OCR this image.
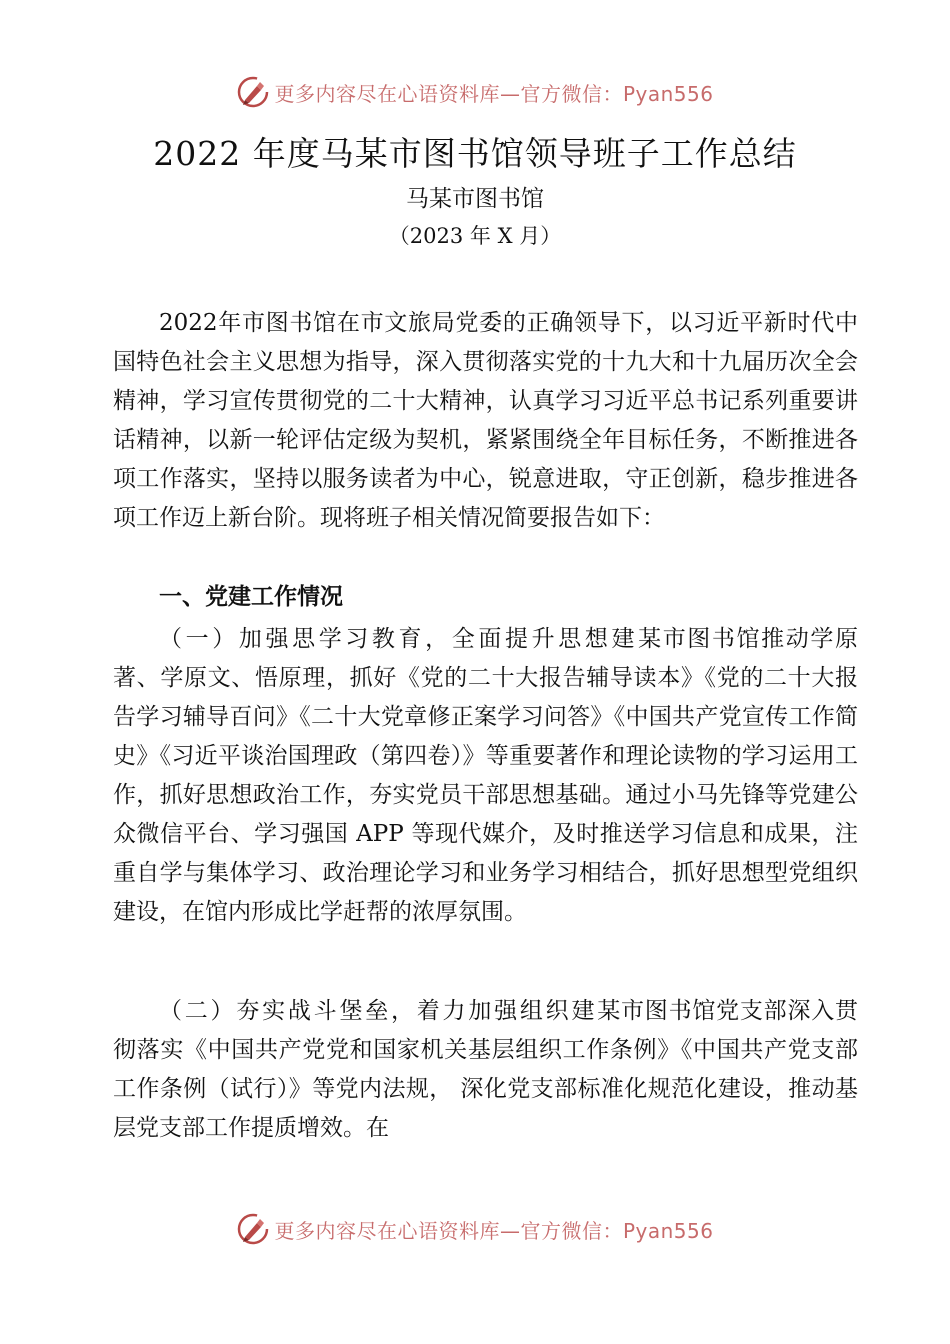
更多内容尽在心语资料库—官方微信：Pyan556
2022 年度马某市图书馆领导班子工作总结

马某市图书馆

（2023 年 X 月）

2022年市图书馆在市文旅局党委的正确领导下，以习近平新时代中国特色社会主义思想为指导，深入贯彻落实党的十九大和十九届历次全会精神，学习宣传贯彻党的二十大精神，认真学习习近平总书记系列重要讲话精神，以新一轮评估定级为契机，紧紧围绕全年目标任务，不断推进各项工作落实，坚持以服务读者为中心，锐意进取，守正创新，稳步推进各项工作迈上新台阶。现将班子相关情况简要报告如下：

一、党建工作情况

（一）加强思学习教育，全面提升思想建某市图书馆推动学原著、学原文、悟原理，抓好《党的二十大报告辅导读本》《党的二十大报告学习辅导百问》《二十大党章修正案学习问答》《中国共产党宣传工作简史》《习近平谈治国理政（第四卷）》等重要著作和理论读物的学习运用工作，抓好思想政治工作，夯实党员干部思想基础。通过小马先锋等党建公众微信平台、学习强国 APP 等现代媒介，及时推送学习信息和成果，注重自学与集体学习、政治理论学习和业务学习相结合，抓好思想型党组织建设，在馆内形成比学赶帮的浓厚氛围。

（二）夯实战斗堡垒，着力加强组织建某市图书馆党支部深入贯彻落实《中国共产党党和国家机关基层组织工作条例》《中国共产党支部工作条例（试行）》等党内法规， 深化党支部标准化规范化建设，推动基层党支部工作提质增效。在

更多内容尽在心语资料库—官方微信：Pyan556
